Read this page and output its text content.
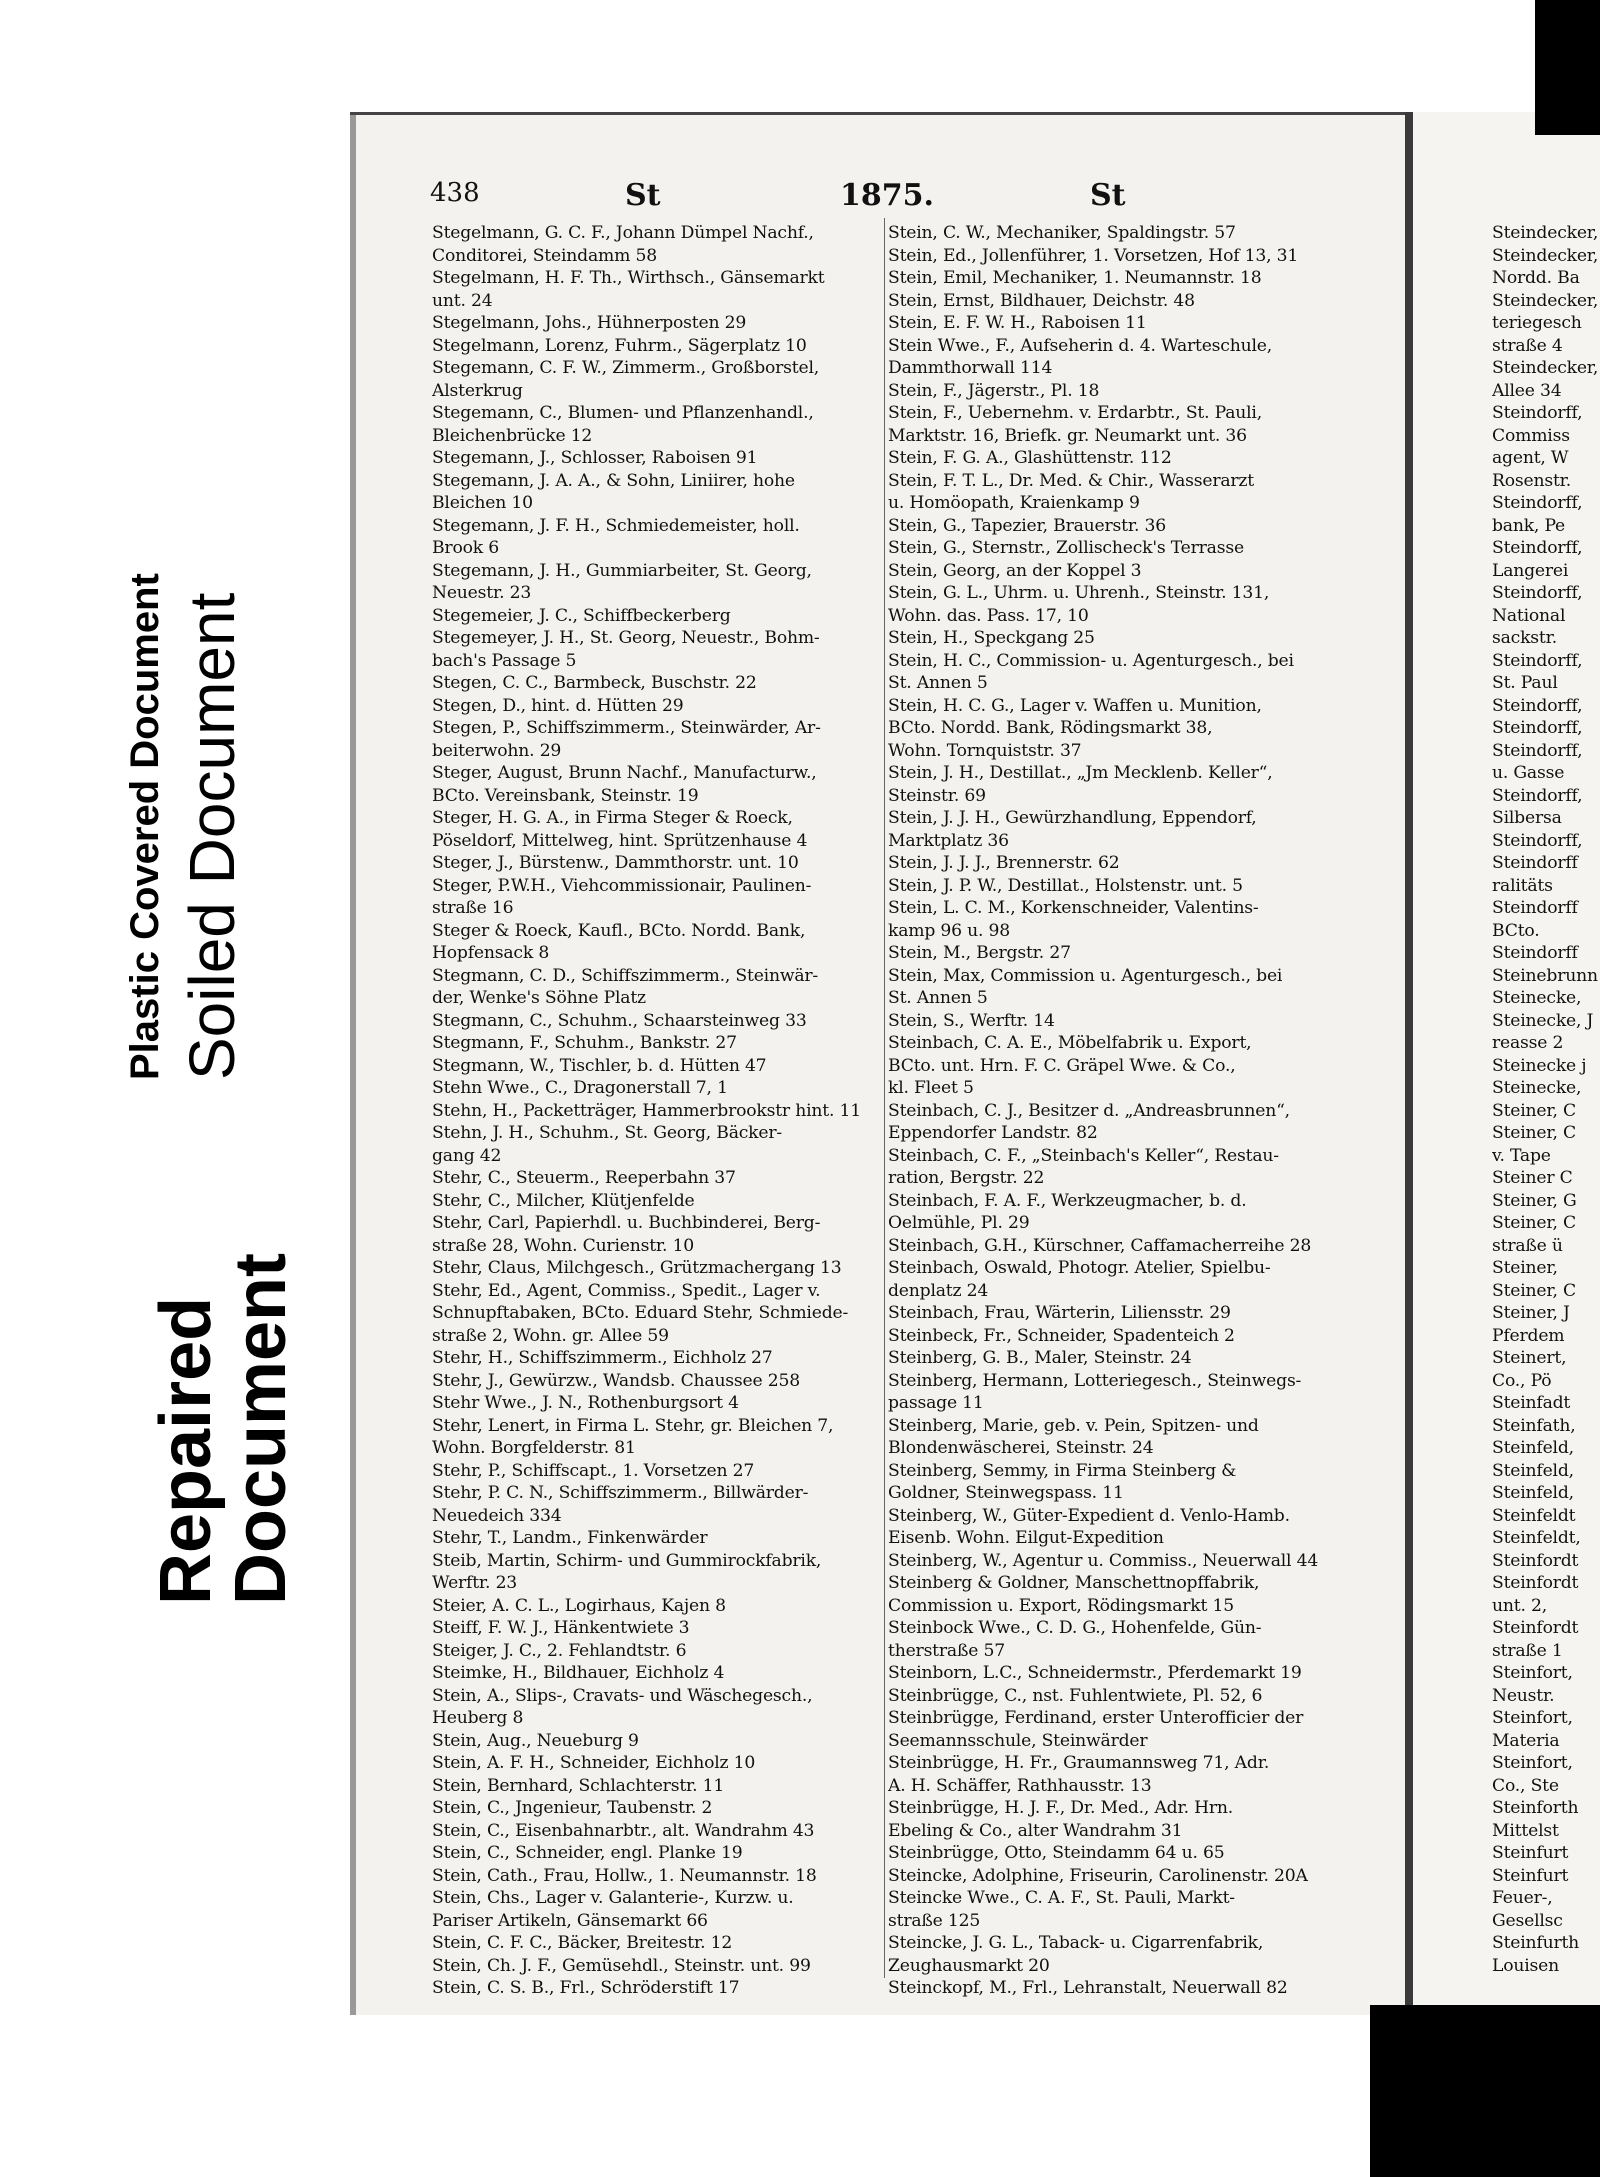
Plastic Covered Document Soiled Document
Repaired
Document
438	St	1875.	St
Stegelmann, G. C. F., Johann Dümpel Nachf.,
Conditorei, Steindamm 58
Stegelmann, H. F. Th., Wirthsch., Gänsemarkt
unt. 24
Stegelmann, Johs., Hühnerposten 29
Stegelmann, Lorenz, Fuhrm., Sägerplatz 10
Stegemann, C. F. W., Zimmerm., Großborstel,
Alsterkrug
Stegemann, C., Blumen- und Pflanzenhandl.,
Bleichenbrücke 12
Stegemann, J., Schlosser, Raboisen 91
Stegemann, J. A. A., & Sohn, Liniirer, hohe
Bleichen 10
Stegemann, J. F. H., Schmiedemeister, holl.
Brook 6
Stegemann, J. H., Gummiarbeiter, St. Georg,
Neuestr. 23
Stegemeier, J. C., Schiffbeckerberg
Stegemeyer, J. H., St. Georg, Neuestr., Bohm-
bach's Passage 5
Stegen, C. C., Barmbeck, Buschstr. 22
Stegen, D., hint. d. Hütten 29
Stegen, P., Schiffszimmerm., Steinwärder, Ar-
beiterwohn. 29
Steger, August, Brunn Nachf., Manufacturw.,
BCto. Vereinsbank, Steinstr. 19
Steger, H. G. A., in Firma Steger & Roeck,
Pöseldorf, Mittelweg, hint. Sprützenhause 4
Steger, J., Bürstenw., Dammthorstr. unt. 10
Steger, P.W.H., Viehcommissionair, Paulinen-
straße 16
Steger & Roeck, Kaufl., BCto. Nordd. Bank,
Hopfensack 8
Stegmann, C. D., Schiffszimmerm., Steinwär-
der, Wenke's Söhne Platz
Stegmann, C., Schuhm., Schaarsteinweg 33
Stegmann, F., Schuhm., Bankstr. 27
Stegmann, W., Tischler, b. d. Hütten 47
Stehn Wwe., C., Dragonerstall 7, 1
Stehn, H., Packetträger, Hammerbrookstr hint. 11
Stehn, J. H., Schuhm., St. Georg, Bäcker-
gang 42
Stehr, C., Steuerm., Reeperbahn 37
Stehr, C., Milcher, Klütjenfelde
Stehr, Carl, Papierhdl. u. Buchbinderei, Berg-
straße 28, Wohn. Curienstr. 10
Stehr, Claus, Milchgesch., Grützmachergang 13
Stehr, Ed., Agent, Commiss., Spedit., Lager v.
Schnupftabaken, BCto. Eduard Stehr, Schmiede-
straße 2, Wohn. gr. Allee 59
Stehr, H., Schiffszimmerm., Eichholz 27
Stehr, J., Gewürzw., Wandsb. Chaussee 258
Stehr Wwe., J. N., Rothenburgsort 4
Stehr, Lenert, in Firma L. Stehr, gr. Bleichen 7,
Wohn. Borgfelderstr. 81
Stehr, P., Schiffscapt., 1. Vorsetzen 27
Stehr, P. C. N., Schiffszimmerm., Billwärder-
Neuedeich 334
Stehr, T., Landm., Finkenwärder
Steib, Martin, Schirm- und Gummirockfabrik,
Werftr. 23
Steier, A. C. L., Logirhaus, Kajen 8
Steiff, F. W. J., Hänkentwiete 3
Steiger, J. C., 2. Fehlandtstr. 6
Steimke, H., Bildhauer, Eichholz 4
Stein, A., Slips-, Cravats- und Wäschegesch.,
Heuberg 8
Stein, Aug., Neueburg 9
Stein, A. F. H., Schneider, Eichholz 10
Stein, Bernhard, Schlachterstr. 11
Stein, C., Jngenieur, Taubenstr. 2
Stein, C., Eisenbahnarbtr., alt. Wandrahm 43
Stein, C., Schneider, engl. Planke 19
Stein, Cath., Frau, Hollw., 1. Neumannstr. 18
Stein, Chs., Lager v. Galanterie-, Kurzw. u.
Pariser Artikeln, Gänsemarkt 66
Stein, C. F. C., Bäcker, Breitestr. 12
Stein, Ch. J. F., Gemüsehdl., Steinstr. unt. 99
Stein, C. S. B., Frl., Schröderstift 17
Stein, C. W., Mechaniker, Spaldingstr. 57
Stein, Ed., Jollenführer, 1. Vorsetzen, Hof 13, 31
Stein, Emil, Mechaniker, 1. Neumannstr. 18
Stein, Ernst, Bildhauer, Deichstr. 48
Stein, E. F. W. H., Raboisen 11
Stein Wwe., F., Aufseherin d. 4. Warteschule,
Dammthorwall 114
Stein, F., Jägerstr., Pl. 18
Stein, F., Uebernehm. v. Erdarbtr., St. Pauli,
Marktstr. 16, Briefk. gr. Neumarkt unt. 36
Stein, F. G. A., Glashüttenstr. 112
Stein, F. T. L., Dr. Med. & Chir., Wasserarzt
u. Homöopath, Kraienkamp 9
Stein, G., Tapezier, Brauerstr. 36
Stein, G., Sternstr., Zollischeck's Terrasse
Stein, Georg, an der Koppel 3
Stein, G. L., Uhrm. u. Uhrenh., Steinstr. 131,
Wohn. das. Pass. 17, 10
Stein, H., Speckgang 25
Stein, H. C., Commission- u. Agenturgesch., bei
St. Annen 5
Stein, H. C. G., Lager v. Waffen u. Munition,
BCto. Nordd. Bank, Rödingsmarkt 38,
Wohn. Tornquiststr. 37
Stein, J. H., Destillat., „Jm Mecklenb. Keller“,
Steinstr. 69
Stein, J. J. H., Gewürzhandlung, Eppendorf,
Marktplatz 36
Stein, J. J. J., Brennerstr. 62
Stein, J. P. W., Destillat., Holstenstr. unt. 5
Stein, L. C. M., Korkenschneider, Valentins-
kamp 96 u. 98
Stein, M., Bergstr. 27
Stein, Max, Commission u. Agenturgesch., bei
St. Annen 5
Stein, S., Werftr. 14
Steinbach, C. A. E., Möbelfabrik u. Export,
BCto. unt. Hrn. F. C. Gräpel Wwe. & Co.,
kl. Fleet 5
Steinbach, C. J., Besitzer d. „Andreasbrunnen“,
Eppendorfer Landstr. 82
Steinbach, C. F., „Steinbach's Keller“, Restau-
ration, Bergstr. 22
Steinbach, F. A. F., Werkzeugmacher, b. d.
Oelmühle, Pl. 29
Steinbach, G.H., Kürschner, Caffamacherreihe 28
Steinbach, Oswald, Photogr. Atelier, Spielbu-
denplatz 24
Steinbach, Frau, Wärterin, Liliensstr. 29
Steinbeck, Fr., Schneider, Spadenteich 2
Steinberg, G. B., Maler, Steinstr. 24
Steinberg, Hermann, Lotteriegesch., Steinwegs-
passage 11
Steinberg, Marie, geb. v. Pein, Spitzen- und
Blondenwäscherei, Steinstr. 24
Steinberg, Semmy, in Firma Steinberg &
Goldner, Steinwegspass. 11
Steinberg, W., Güter-Expedient d. Venlo-Hamb.
Eisenb. Wohn. Eilgut-Expedition
Steinberg, W., Agentur u. Commiss., Neuerwall 44
Steinberg & Goldner, Manschettnopffabrik,
Commission u. Export, Rödingsmarkt 15
Steinbock Wwe., C. D. G., Hohenfelde, Gün-
therstraße 57
Steinborn, L.C., Schneidermstr., Pferdemarkt 19
Steinbrügge, C., nst. Fuhlentwiete, Pl. 52, 6
Steinbrügge, Ferdinand, erster Unterofficier der
Seemannsschule, Steinwärder
Steinbrügge, H. Fr., Graumannsweg 71, Adr.
A. H. Schäffer, Rathhausstr. 13
Steinbrügge, H. J. F., Dr. Med., Adr. Hrn.
Ebeling & Co., alter Wandrahm 31
Steinbrügge, Otto, Steindamm 64 u. 65
Steincke, Adolphine, Friseurin, Carolinenstr. 20A
Steincke Wwe., C. A. F., St. Pauli, Markt-
straße 125
Steincke, J. G. L., Taback- u. Cigarrenfabrik,
Zeughausmarkt 20
Steinckopf, M., Frl., Lehranstalt, Neuerwall 82
Steindecker,
Steindecker,
Nordd. Ba
Steindecker,
teriegesch
straße 4
Steindecker,
Allee 34
Steindorff,
Commiss
agent, W
Rosenstr.
Steindorff,
bank, Pe
Steindorff,
Langerei
Steindorff,
National
sackstr.
Steindorff,
St. Paul
Steindorff,
Steindorff,
Steindorff,
u. Gasse
Steindorff,
Silbersa
Steindorff,
Steindorff
ralitäts
Steindorff
BCto.
Steindorff
Steinebrunn
Steinecke,
Steinecke, J
reasse 2
Steinecke j
Steinecke,
Steiner, C
Steiner, C
v. Tape
Steiner C
Steiner, G
Steiner, C
straße ü
Steiner,
Steiner, C
Steiner, J
Pferdem
Steinert,
Co., Pö
Steinfadt
Steinfath,
Steinfeld,
Steinfeld,
Steinfeld,
Steinfeldt
Steinfeldt,
Steinfordt
Steinfordt
unt. 2,
Steinfordt
straße 1
Steinfort,
Neustr.
Steinfort,
Materia
Steinfort,
Co., Ste
Steinforth
Mittelst
Steinfurt
Steinfurt
Feuer-,
Gesellsc
Steinfurth
Louisen
